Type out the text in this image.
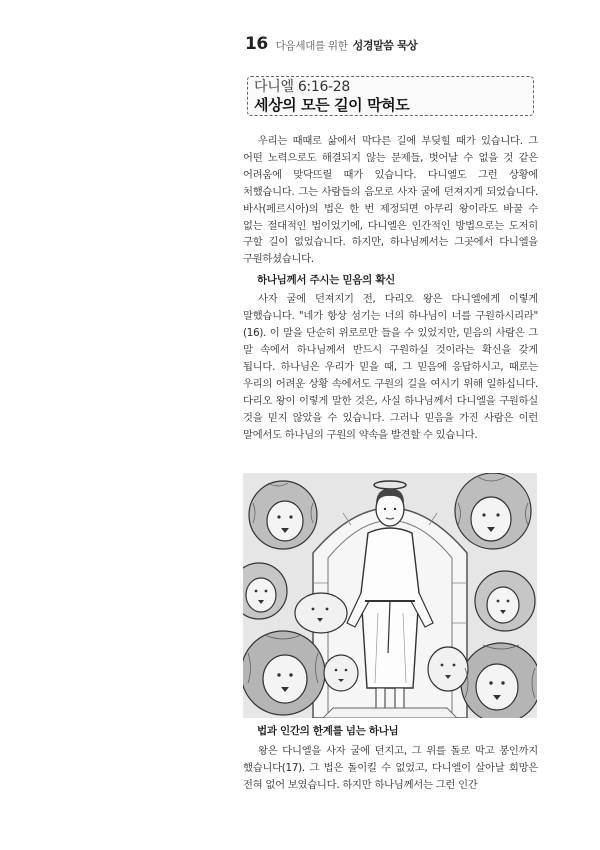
16 다음세대를 위한 성경말씀 묵상
다니엘 6:16-28
세상의 모든 길이 막혀도

우리는 때때로 삶에서 막다른 길에 부딪힐 때가 있습니다. 그 어떤 노력으로도 해결되지 않는 문제들, 벗어날 수 없을 것 같은 어려움에 맞닥뜨릴 때가 있습니다. 다니엘도 그런 상황에 처했습니다. 그는 사람들의 음모로 사자 굴에 던져지게 되었습니다. 바사(페르시아)의 법은 한 번 제정되면 아무리 왕이라도 바꿀 수 없는 절대적인 법이었기에, 다니엘은 인간적인 방법으로는 도저히 구할 길이 없었습니다. 하지만, 하나님께서는 그곳에서 다니엘을 구원하셨습니다.

하나님께서 주시는 믿음의 확신

사자 굴에 던져지기 전, 다리오 왕은 다니엘에게 이렇게 말했습니다. "네가 항상 섬기는 너의 하나님이 너를 구원하시리라" (16). 이 말을 단순히 위로로만 들을 수 있었지만, 믿음의 사람은 그 말 속에서 하나님께서 반드시 구원하실 것이라는 확신을 갖게 됩니다. 하나님은 우리가 믿을 때, 그 믿음에 응답하시고, 때로는 우리의 어려운 상황 속에서도 구원의 길을 여시기 위해 일하십니다. 다리오 왕이 이렇게 말한 것은, 사실 하나님께서 다니엘을 구원하실 것을 믿지 않았을 수 있습니다. 그러나 믿음을 가진 사람은 이런 말에서도 하나님의 구원의 약속을 발견할 수 있습니다.

법과 인간의 한계를 넘는 하나님

왕은 다니엘을 사자 굴에 던지고, 그 위를 돌로 막고 봉인까지 했습니다(17). 그 법은 돌이킬 수 없었고, 다니엘이 살아날 희망은 전혀 없어 보였습니다. 하지만 하나님께서는 그런 인간
